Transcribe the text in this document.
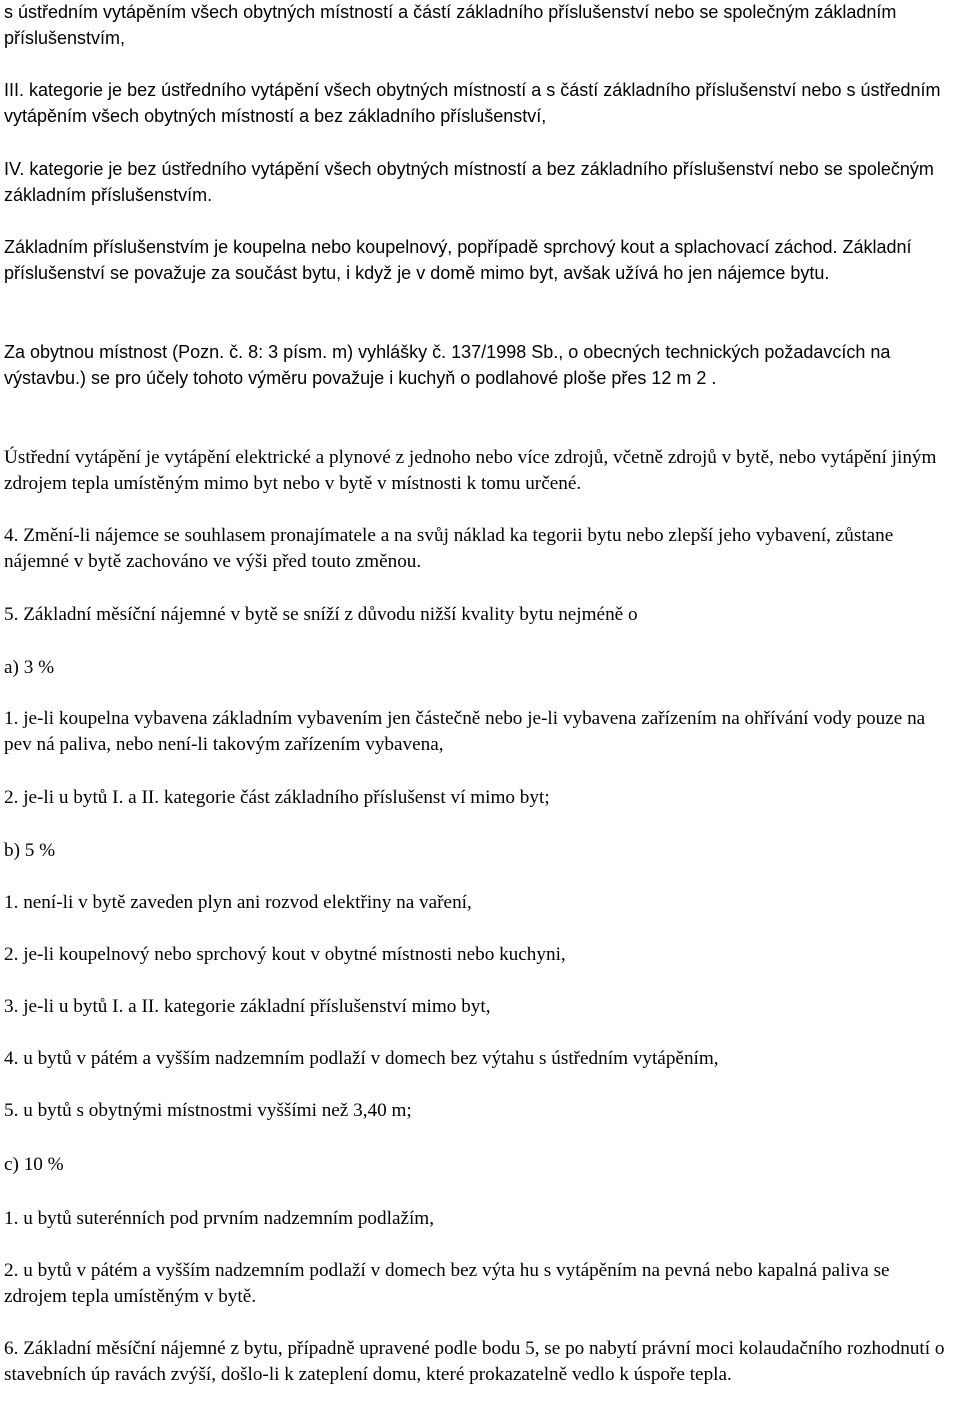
s ústředním vytápěním všech obytných místností a částí základního příslušenství nebo se společným základním příslušenstvím,

III. kategorie je bez ústředního vytápění všech obytných místností a s částí základního příslušenství nebo s ústředním vytápěním všech obytných místností a bez základního příslušenství,

IV. kategorie je bez ústředního vytápění všech obytných místností a bez základního příslušenství nebo se společným základním příslušenstvím.

Základním příslušenstvím je koupelna nebo koupelnový, popřípadě sprchový kout a splachovací záchod. Základní příslušenství se považuje za součást bytu, i když je v domě mimo byt, avšak užívá ho jen nájemce bytu.

Za obytnou místnost (Pozn. č. 8: 3 písm. m) vyhlášky č. 137/1998 Sb., o obecných technických požadavcích na výstavbu.) se pro účely tohoto výměru považuje i kuchyň o podlahové ploše přes 12 m 2 .

Ústřední vytápění je vytápění elektrické a plynové z jednoho nebo více zdrojů, včetně zdrojů v bytě, nebo vytápění jiným zdrojem tepla umístěným mimo byt nebo v bytě v místnosti k tomu určené.

4. Změní-li nájemce se souhlasem pronajímatele a na svůj náklad ka tegorii bytu nebo zlepší jeho vybavení, zůstane nájemné v bytě zachováno ve výši před touto změnou.

5. Základní měsíční nájemné v bytě se sníží z důvodu nižší kvality bytu nejméně o

a) 3 %

1. je-li koupelna vybavena základním vybavením jen částečně nebo je-li vybavena zařízením na ohřívání vody pouze na pev ná paliva, nebo není-li takovým zařízením vybavena,

2. je-li u bytů I. a II. kategorie část základního příslušenst ví mimo byt;

b) 5 %

1. není-li v bytě zaveden plyn ani rozvod elektřiny na vaření,

2. je-li koupelnový nebo sprchový kout v obytné místnosti nebo kuchyni,

3. je-li u bytů I. a II. kategorie základní příslušenství mimo byt,

4. u bytů v pátém a vyšším nadzemním podlaží v domech bez výtahu s ústředním vytápěním,

5. u bytů s obytnými místnostmi vyššími než 3,40 m;

c) 10 %

1. u bytů suterénních pod prvním nadzemním podlažím,

2. u bytů v pátém a vyšším nadzemním podlaží v domech bez výta hu s vytápěním na pevná nebo kapalná paliva se zdrojem tepla umístěným v bytě.

6. Základní měsíční nájemné z bytu, případně upravené podle bodu 5, se po nabytí právní moci kolaudačního rozhodnutí o stavebních úp ravách zvýší, došlo-li k zateplení domu, které prokazatelně vedlo k úspoře tepla.
